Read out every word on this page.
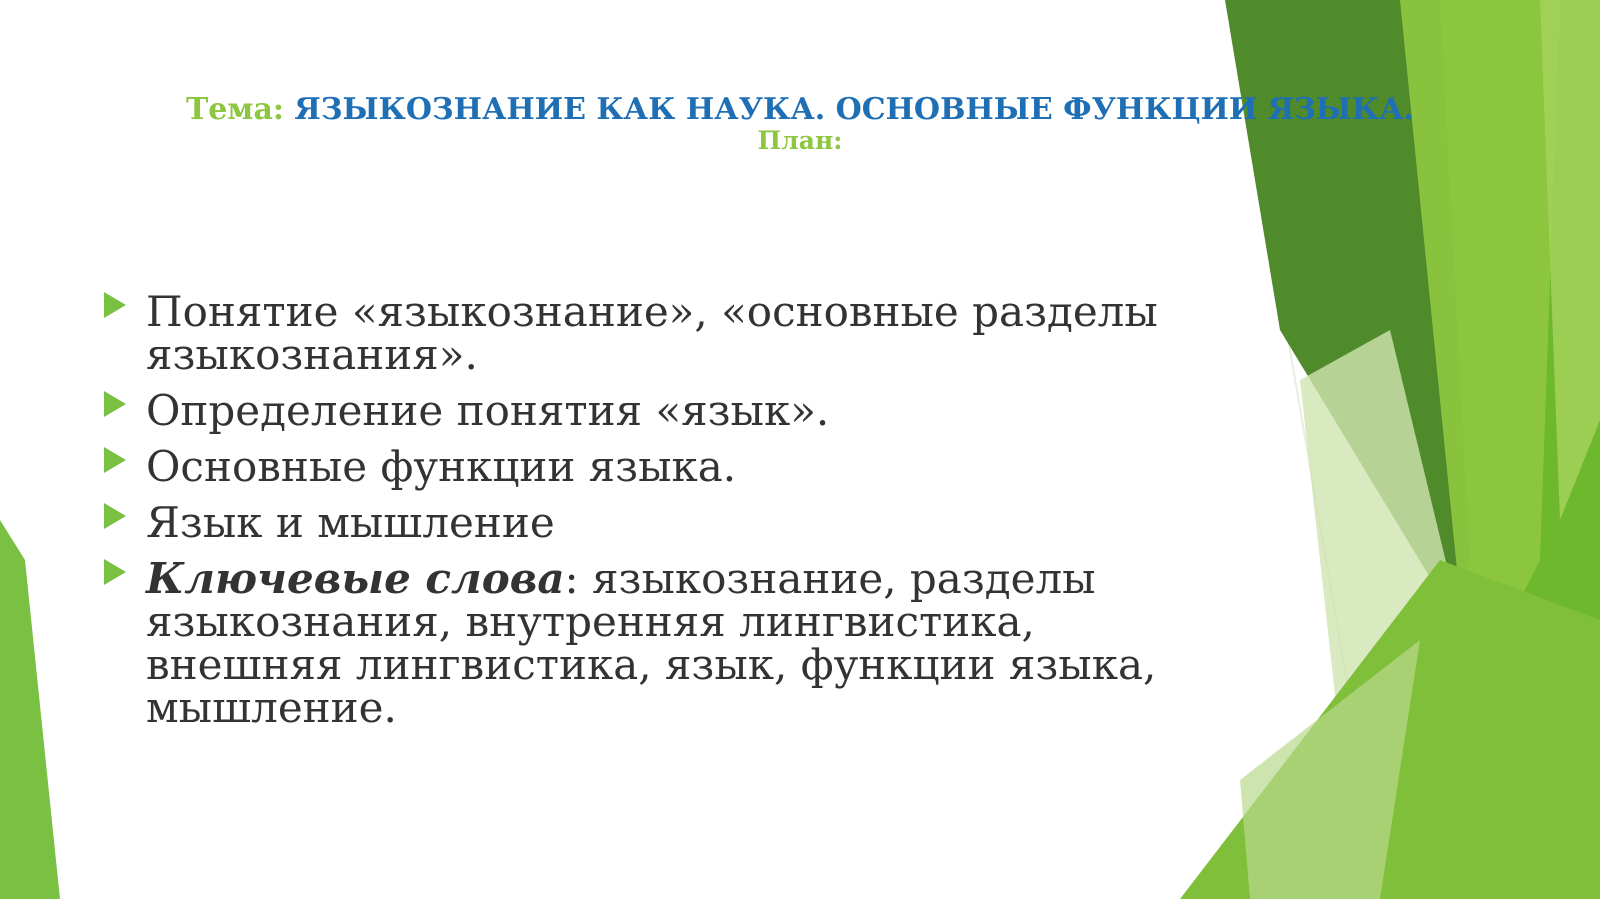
Тема: ЯЗЫКОЗНАНИЕ КАК НАУКА. ОСНОВНЫЕ ФУНКЦИИ ЯЗЫКА.
План:
Понятие «языкознание», «основные разделы языкознания».
Определение понятия «язык».
Основные функции языка.
Язык и мышление
Ключевые слова: языкознание, разделы языкознания, внутренняя лингвистика, внешняя лингвистика, язык, функции языка, мышление.
